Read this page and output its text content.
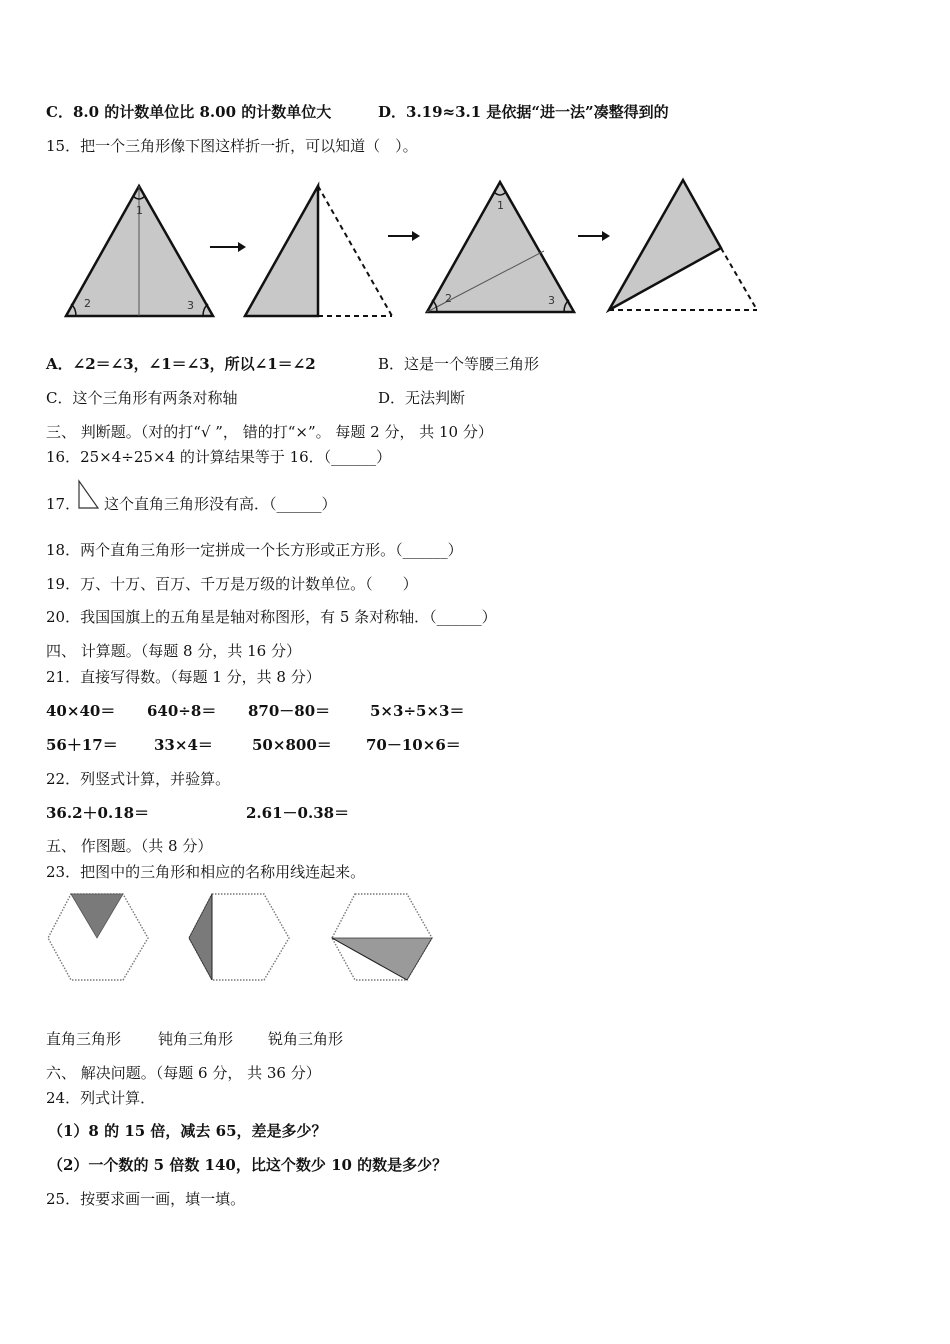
C．8.0 的计数单位比 8.00 的计数单位大	D．3.19≈3.1 是依据“进一法”凑整得到的
15．把一个三角形像下图这样折一折，可以知道（　）。
1
2	3
1
2	3
A．∠2＝∠3，∠1＝∠3，所以∠1＝∠2	B．这是一个等腰三角形
C．这个三角形有两条对称轴	D．无法判断
三、 判断题。（对的打“√ ”， 错的打“×”。 每题 2 分， 共 10 分）
16．25×4÷25×4 的计算结果等于 16．（______）
17． 这个直角三角形没有高．（______）
18．两个直角三角形一定拼成一个长方形或正方形。（______）
19．万、十万、百万、千万是万级的计数单位。（　　）
20．我国国旗上的五角星是轴对称图形，有 5 条对称轴．（______）
四、 计算题。（每题 8 分，共 16 分）
21．直接写得数。（每题 1 分，共 8 分）
40×40＝ 640÷8＝ 870－80＝	5×3÷5×3＝
56＋17＝ 33×4＝	50×800＝ 70－10×6＝
22．列竖式计算，并验算。
36.2＋0.18＝	2.61－0.38＝
五、 作图题。（共 8 分）
23．把图中的三角形和相应的名称用线连起来。
直角三角形 钝角三角形 锐角三角形
六、 解决问题。（每题 6 分， 共 36 分）
24．列式计算．
（1）8 的 15 倍，减去 65，差是多少？
（2）一个数的 5 倍数 140，比这个数少 10 的数是多少？
25．按要求画一画，填一填。
